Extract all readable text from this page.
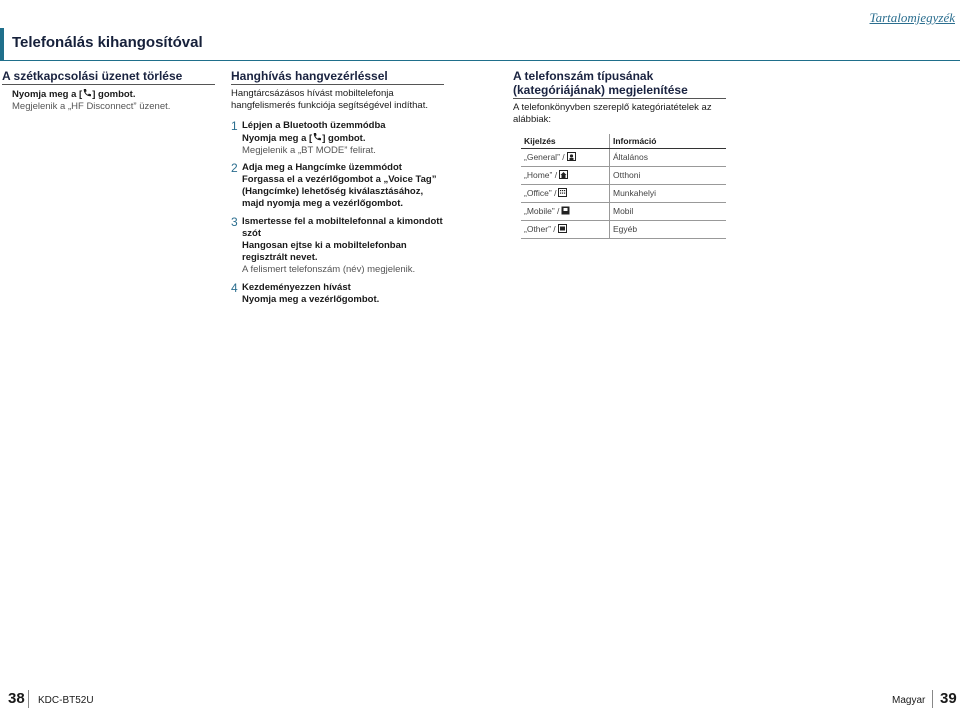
Tartalomjegyzék
Telefonálás kihangosítóval
A szétkapcsolási üzenet törlése
Nyomja meg a [ ] gombot.
Megjelenik a „HF Disconnect” üzenet.
Hanghívás hangvezérléssel
Hangtárcsázásos hívást mobiltelefonja hangfelismerés funkciója segítségével indíthat.
1 Lépjen a Bluetooth üzemmódba
Nyomja meg a [ ] gombot.
Megjelenik a „BT MODE” felirat.
2 Adja meg a Hangcímke üzemmódot
Forgassa el a vezérlőgombot a „Voice Tag” (Hangcímke) lehetőség kiválasztásához, majd nyomja meg a vezérlőgombot.
3 Ismertesse fel a mobiltelefonnal a kimondott szót
Hangosan ejtse ki a mobiltelefonban regisztrált nevet.
A felismert telefonszám (név) megjelenik.
4 Kezdeményezzen hívást
Nyomja meg a vezérlőgombot.
A telefonszám típusának
(kategóriájának) megjelenítése
A telefonkönyvben szereplő kategóriatételek az alábbiak:
Kijelzés	Információ
„General” /	Általános
„Home” /	Otthoni
„Office” /	Munkahelyi
„Mobile” /	Mobil
„Other” /	Egyéb
38 KDC-BT52U	Magyar 39
